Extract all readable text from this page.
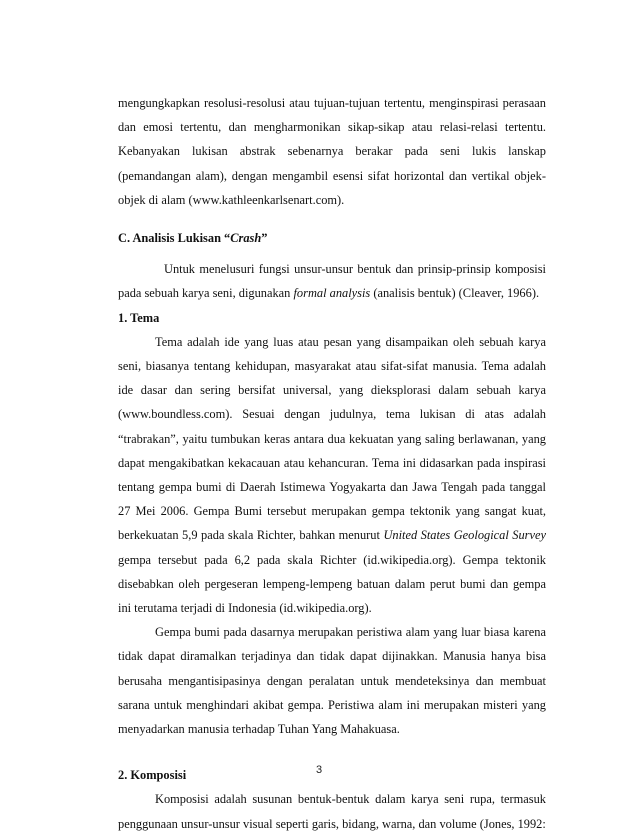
mengungkapkan resolusi-resolusi atau tujuan-tujuan tertentu, menginspirasi perasaan dan emosi tertentu, dan mengharmonikan sikap-sikap atau relasi-relasi tertentu. Kebanyakan lukisan abstrak sebenarnya berakar pada seni lukis lanskap (pemandangan alam), dengan mengambil esensi sifat horizontal dan vertikal objek-objek di alam (www.kathleenkarlsenart.com).

C. Analisis Lukisan “Crash”

Untuk menelusuri fungsi unsur-unsur bentuk dan prinsip-prinsip komposisi pada sebuah karya seni, digunakan formal analysis (analisis bentuk) (Cleaver, 1966).

1. Tema

Tema adalah ide yang luas atau pesan yang disampaikan oleh sebuah karya seni, biasanya tentang kehidupan, masyarakat atau sifat-sifat manusia. Tema adalah ide dasar dan sering bersifat universal, yang dieksplorasi dalam sebuah karya (www.boundless.com). Sesuai dengan judulnya, tema lukisan di atas adalah “trabrakan”, yaitu tumbukan keras antara dua kekuatan yang saling berlawanan, yang dapat mengakibatkan kekacauan atau kehancuran. Tema ini didasarkan pada inspirasi tentang gempa bumi di Daerah Istimewa Yogyakarta dan Jawa Tengah pada tanggal 27 Mei 2006. Gempa Bumi tersebut merupakan gempa tektonik yang sangat kuat, berkekuatan 5,9 pada skala Richter, bahkan menurut United States Geological Survey gempa tersebut pada 6,2 pada skala Richter (id.wikipedia.org). Gempa tektonik disebabkan oleh pergeseran lempeng-lempeng batuan dalam perut bumi dan gempa ini terutama terjadi di Indonesia (id.wikipedia.org).

Gempa bumi pada dasarnya merupakan peristiwa alam yang luar biasa karena tidak dapat diramalkan terjadinya dan tidak dapat dijinakkan. Manusia hanya bisa berusaha mengantisipasinya dengan peralatan untuk mendeteksinya dan membuat sarana untuk menghindari akibat gempa. Peristiwa alam ini merupakan misteri yang menyadarkan manusia terhadap Tuhan Yang Mahakuasa.

2. Komposisi

Komposisi adalah susunan bentuk-bentuk dalam karya seni rupa, termasuk penggunaan unsur-unsur visual seperti garis, bidang, warna, dan volume (Jones, 1992:

3
